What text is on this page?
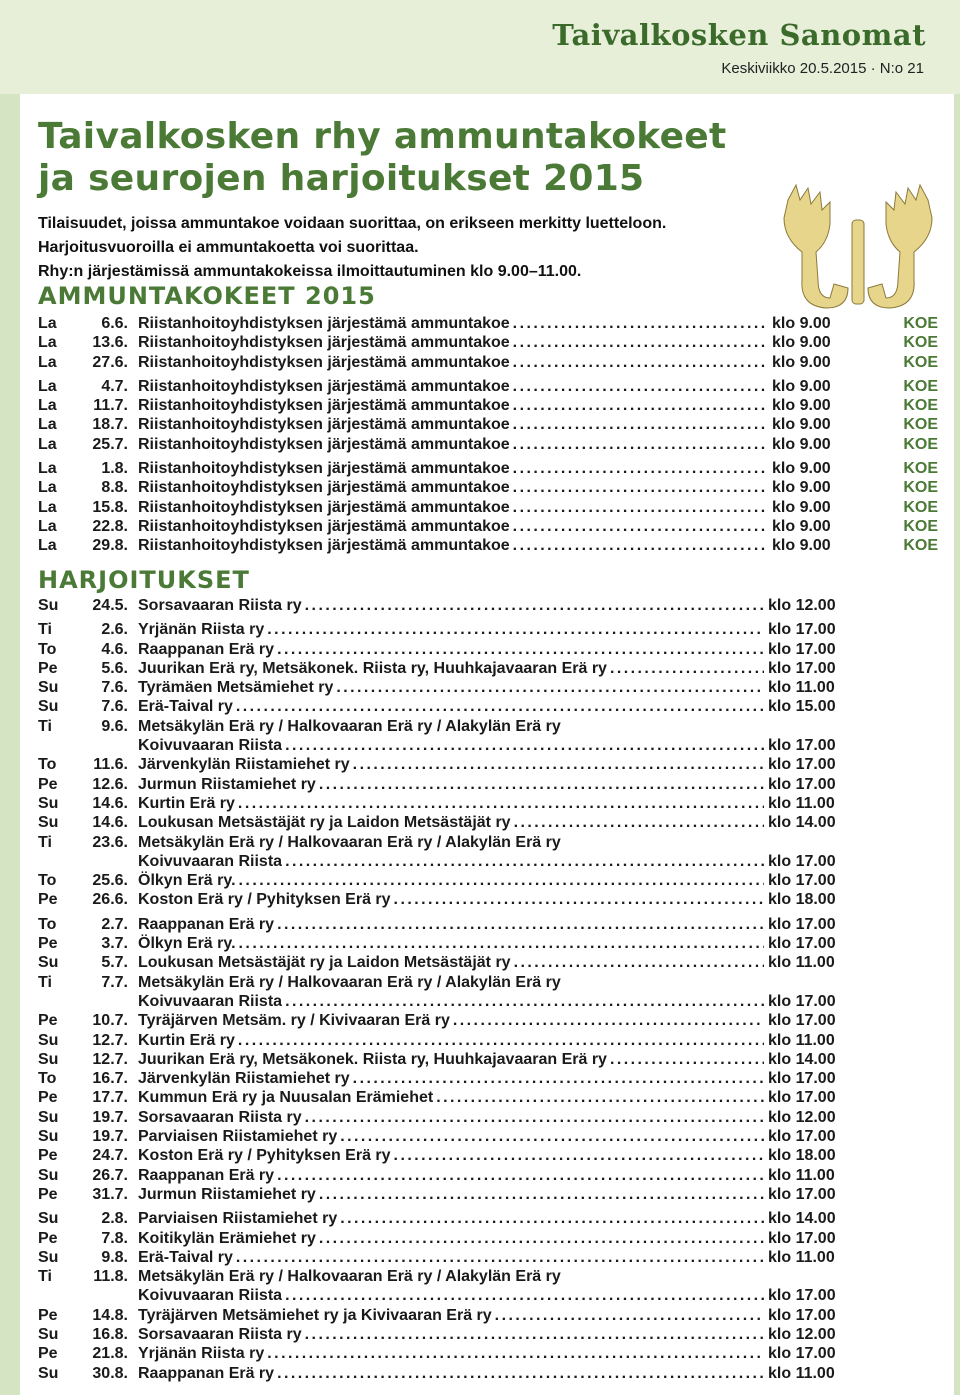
Taivalkosken Sanomat
Keskiviikko 20.5.2015 · N:o 21
Taivalkosken rhy ammuntakokeet
ja seurojen harjoitukset 2015
Tilaisuudet, joissa ammuntakoe voidaan suorittaa, on erikseen merkitty luetteloon.
Harjoitusvuoroilla ei ammuntakoetta voi suorittaa.
Rhy:n järjestämissä ammuntakokeissa ilmoittautuminen klo 9.00–11.00.
AMMUNTAKOKEET 2015
La	6.6. Riistanhoitoyhdistyksen järjestämä ammuntakoe . . .	klo 9.00	KOE
La	13.6. Riistanhoitoyhdistyksen järjestämä ammuntakoe . . .	klo 9.00	KOE
La	27.6. Riistanhoitoyhdistyksen järjestämä ammuntakoe . . .	klo 9.00	KOE
La	4.7. Riistanhoitoyhdistyksen järjestämä ammuntakoe . . .	klo 9.00	KOE
La	11.7. Riistanhoitoyhdistyksen järjestämä ammuntakoe . . .	klo 9.00	KOE
La	18.7. Riistanhoitoyhdistyksen järjestämä ammuntakoe . . .	klo 9.00	KOE
La	25.7. Riistanhoitoyhdistyksen järjestämä ammuntakoe . . .	klo 9.00	KOE
La	1.8. Riistanhoitoyhdistyksen järjestämä ammuntakoe . . .	klo 9.00	KOE
La	8.8. Riistanhoitoyhdistyksen järjestämä ammuntakoe . . .	klo 9.00	KOE
La	15.8. Riistanhoitoyhdistyksen järjestämä ammuntakoe . . .	klo 9.00	KOE
La	22.8. Riistanhoitoyhdistyksen järjestämä ammuntakoe . . .	klo 9.00	KOE
La	29.8. Riistanhoitoyhdistyksen järjestämä ammuntakoe . . .	klo 9.00	KOE
HARJOITUKSET
Su	24.5. Sorsavaaran Riista ry . . .	klo 12.00
Ti	2.6. Yrjänän Riista ry . . .	klo 17.00
To	4.6. Raappanan Erä ry . . .	klo 17.00
Pe	5.6. Juurikan Erä ry, Metsäkonek. Riista ry, Huuhkajavaaran Erä ry . . .	klo 17.00
Su	7.6. Tyrämäen Metsämiehet ry . . .	klo 11.00
Su	7.6. Erä-Taival ry . . .	klo 15.00
Ti	9.6. Metsäkylän Erä ry / Halkovaaran Erä ry / Alakylän Erä ry
Koivuvaaran Riista . . .	klo 17.00
To	11.6. Järvenkylän Riistamiehet ry . . .	klo 17.00
Pe	12.6. Jurmun Riistamiehet ry . . .	klo 17.00
Su	14.6. Kurtin Erä ry . . .	klo 11.00
Su	14.6. Loukusan Metsästäjät ry ja Laidon Metsästäjät ry . . .	klo 14.00
Ti	23.6. Metsäkylän Erä ry / Halkovaaran Erä ry / Alakylän Erä ry
Koivuvaaran Riista . . .	klo 17.00
To	25.6. Ölkyn Erä ry. . . .	klo 17.00
Pe	26.6. Koston Erä ry / Pyhityksen Erä ry . . .	klo 18.00
To	2.7. Raappanan Erä ry . . .	klo 17.00
Pe	3.7. Ölkyn Erä ry. . . .	klo 17.00
Su	5.7. Loukusan Metsästäjät ry ja Laidon Metsästäjät ry . . .	klo 11.00
Ti	7.7. Metsäkylän Erä ry / Halkovaaran Erä ry / Alakylän Erä ry
Koivuvaaran Riista . . .	klo 17.00
Pe	10.7. Tyräjärven Metsäm. ry / Kivivaaran Erä ry . . .	klo 17.00
Su	12.7. Kurtin Erä ry . . .	klo 11.00
Su	12.7. Juurikan Erä ry, Metsäkonek. Riista ry, Huuhkajavaaran Erä ry . . .	klo 14.00
To	16.7. Järvenkylän Riistamiehet ry . . .	klo 17.00
Pe	17.7. Kummun Erä ry ja Nuusalan Erämiehet . . .	klo 17.00
Su	19.7. Sorsavaaran Riista ry . . .	klo 12.00
Su	19.7. Parviaisen Riistamiehet ry . . .	klo 17.00
Pe	24.7. Koston Erä ry / Pyhityksen Erä ry . . .	klo 18.00
Su	26.7. Raappanan Erä ry . . .	klo 11.00
Pe	31.7. Jurmun Riistamiehet ry . . .	klo 17.00
Su	2.8. Parviaisen Riistamiehet ry . . .	klo 14.00
Pe	7.8. Koitikylän Erämiehet ry . . .	klo 17.00
Su	9.8. Erä-Taival ry . . .	klo 11.00
Ti	11.8. Metsäkylän Erä ry / Halkovaaran Erä ry / Alakylän Erä ry
Koivuvaaran Riista . . .	klo 17.00
Pe	14.8. Tyräjärven Metsämiehet ry ja Kivivaaran Erä ry . . .	klo 17.00
Su	16.8. Sorsavaaran Riista ry . . .	klo 12.00
Pe	21.8. Yrjänän Riista ry . . .	klo 17.00
Su	30.8. Raappanan Erä ry . . .	klo 11.00
